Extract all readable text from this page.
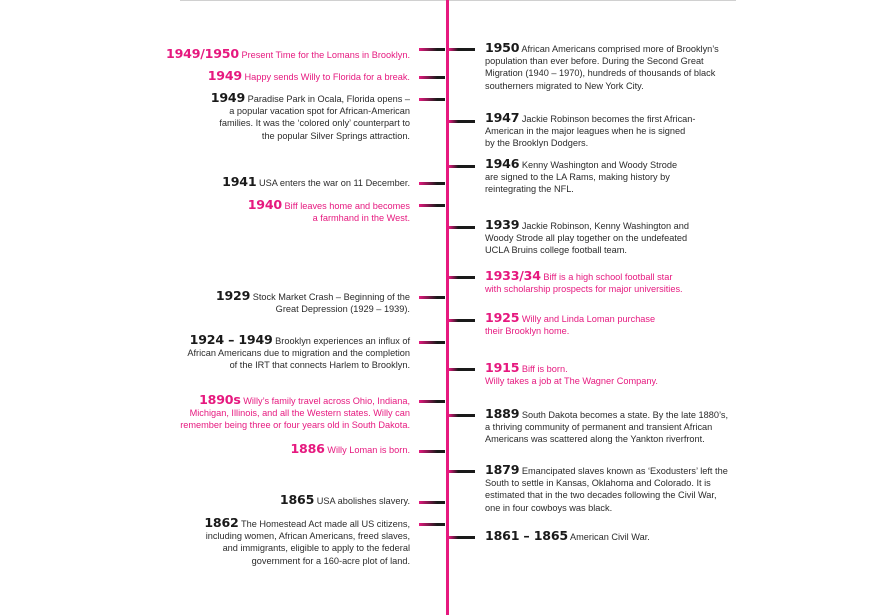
1949/1950 Present Time for the Lomans in Brooklyn.
1949 Happy sends Willy to Florida for a break.
1949 Paradise Park in Ocala, Florida opens –
a popular vacation spot for African-American
families. It was the ‘colored only’ counterpart to
the popular Silver Springs attraction.
1941 USA enters the war on 11 December.
1940 Biff leaves home and becomes
a farmhand in the West.
1929 Stock Market Crash – Beginning of the
Great Depression (1929 – 1939).
1924 – 1949 Brooklyn experiences an influx of
African Americans due to migration and the completion
of the IRT that connects Harlem to Brooklyn.
1890s Willy’s family travel across Ohio, Indiana,
Michigan, Illinois, and all the Western states. Willy can
remember being three or four years old in South Dakota.
1886 Willy Loman is born.
1865 USA abolishes slavery.
1862 The Homestead Act made all US citizens,
including women, African Americans, freed slaves,
and immigrants, eligible to apply to the federal
government for a 160-acre plot of land.
1950 African Americans comprised more of Brooklyn’s
population than ever before. During the Second Great
Migration (1940 – 1970), hundreds of thousands of black
southerners migrated to New York City.
1947 Jackie Robinson becomes the first African-
American in the major leagues when he is signed
by the Brooklyn Dodgers.
1946 Kenny Washington and Woody Strode
are signed to the LA Rams, making history by
reintegrating the NFL.
1939 Jackie Robinson, Kenny Washington and
Woody Strode all play together on the undefeated
UCLA Bruins college football team.
1933/34 Biff is a high school football star
with scholarship prospects for major universities.
1925 Willy and Linda Loman purchase
their Brooklyn home.
1915 Biff is born.
Willy takes a job at The Wagner Company.
1889 South Dakota becomes a state. By the late 1880’s,
a thriving community of permanent and transient African
Americans was scattered along the Yankton riverfront.
1879 Emancipated slaves known as ‘Exodusters’ left the
South to settle in Kansas, Oklahoma and Colorado. It is
estimated that in the two decades following the Civil War,
one in four cowboys was black.
1861 – 1865 American Civil War.
